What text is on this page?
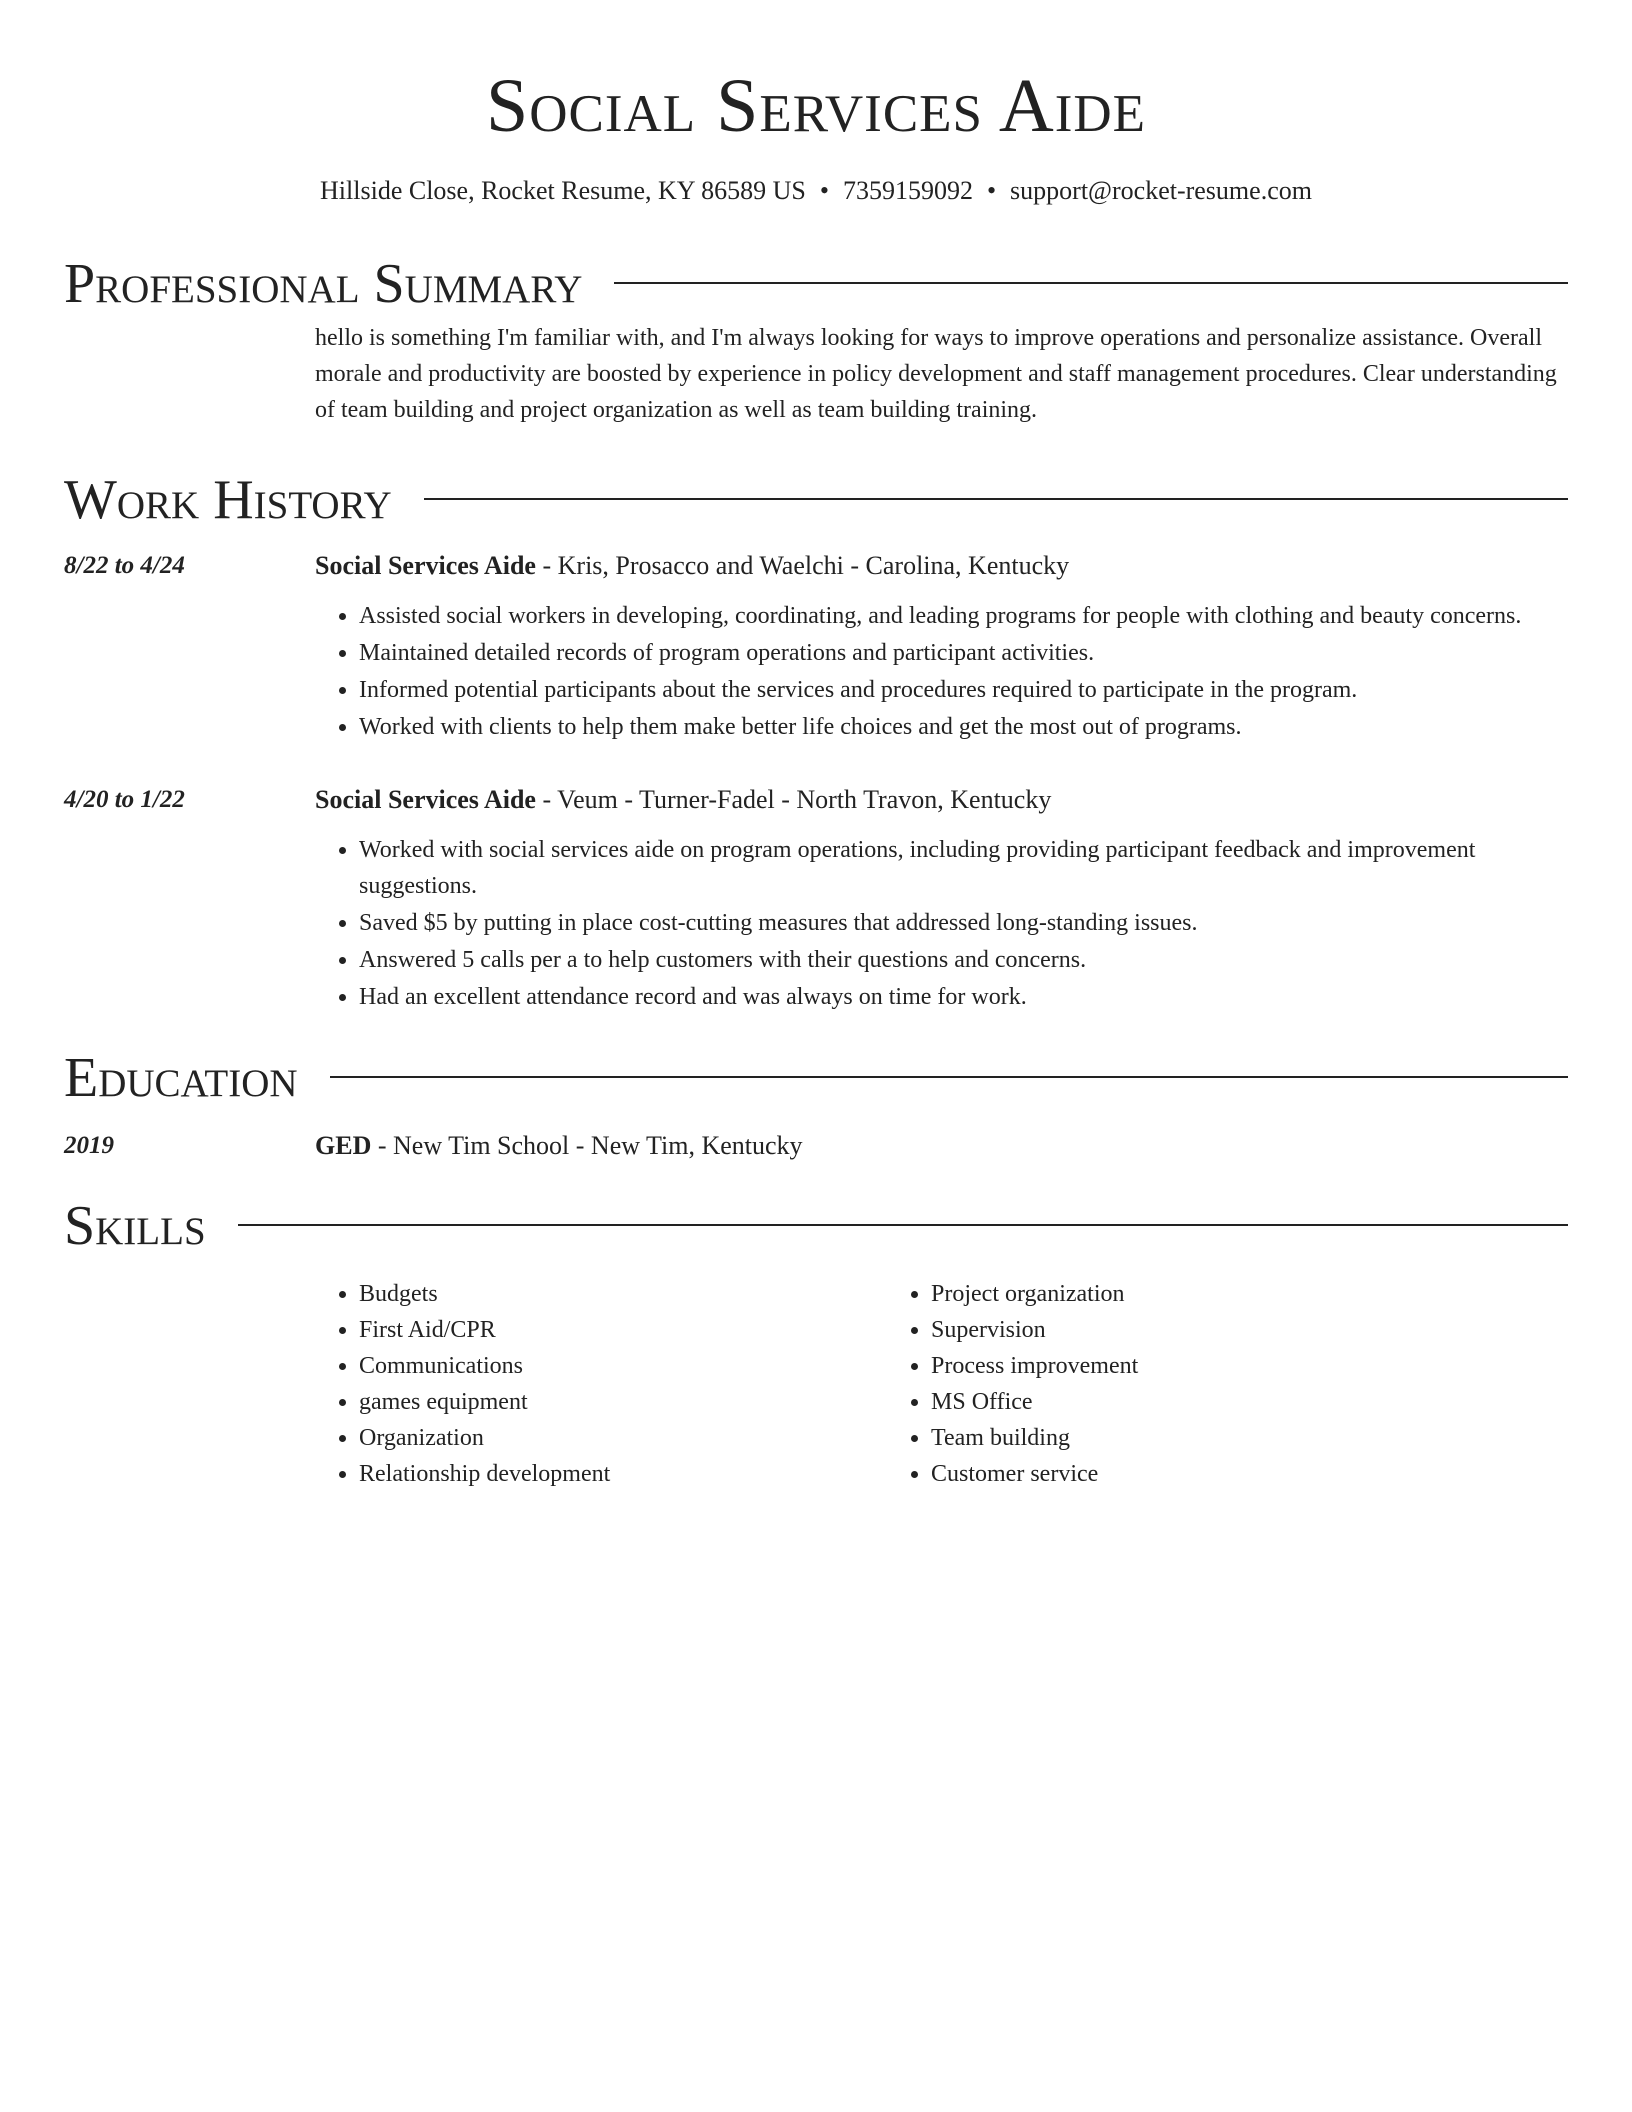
Social Services Aide

Hillside Close, Rocket Resume, KY 86589 US • 7359159092 • support@rocket-resume.com

Professional Summary
hello is something I'm familiar with, and I'm always looking for ways to improve operations and personalize assistance. Overall morale and productivity are boosted by experience in policy development and staff management procedures. Clear understanding of team building and project organization as well as team building training.
Work History
8/22 to 4/24	Social Services Aide - Kris, Prosacco and Waelchi - Carolina, Kentucky
• Assisted social workers in developing, coordinating, and leading programs for people with clothing and beauty concerns.
• Maintained detailed records of program operations and participant activities.
• Informed potential participants about the services and procedures required to participate in the program.
• Worked with clients to help them make better life choices and get the most out of programs.
4/20 to 1/22	Social Services Aide - Veum - Turner-Fadel - North Travon, Kentucky
• Worked with social services aide on program operations, including providing participant feedback and improvement suggestions.
• Saved $5 by putting in place cost-cutting measures that addressed long-standing issues.
• Answered 5 calls per a to help customers with their questions and concerns.
• Had an excellent attendance record and was always on time for work.
Education
2019	GED - New Tim School - New Tim, Kentucky
Skills
• Budgets
• First Aid/CPR
• Communications
• games equipment
• Organization
• Relationship development
• Project organization
• Supervision
• Process improvement
• MS Office
• Team building
• Customer service
